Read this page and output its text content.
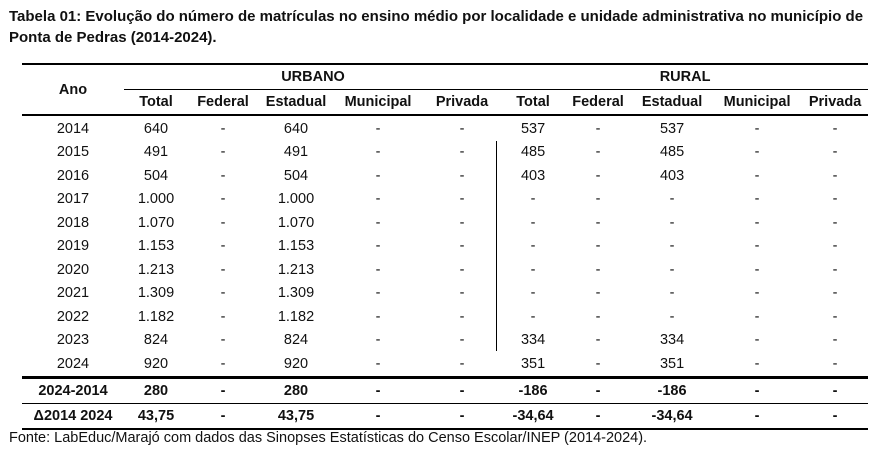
Tabela 01: Evolução do número de matrículas no ensino médio por localidade e unidade administrativa no município de Ponta de Pedras (2014-2024).
Ano	URBANO					RURAL				
	Total	Federal	Estadual	Municipal	Privada	Total	Federal	Estadual	Municipal	Privada
2014	640	-	640	-	-	537	-	537	-	-
2015	491	-	491	-	-	485	-	485	-	-
2016	504	-	504	-	-	403	-	403	-	-
2017	1.000	-	1.000	-	-	-	-	-	-	-
2018	1.070	-	1.070	-	-	-	-	-	-	-
2019	1.153	-	1.153	-	-	-	-	-	-	-
2020	1.213	-	1.213	-	-	-	-	-	-	-
2021	1.309	-	1.309	-	-	-	-	-	-	-
2022	1.182	-	1.182	-	-	-	-	-	-	-
2023	824	-	824	-	-	334	-	334	-	-
2024	920	-	920	-	-	351	-	351	-	-
2024-2014	280	-	280	-	-	-186	-	-186	-	-
Δ2014 2024	43,75	-	43,75	-	-	-34,64	-	-34,64	-	-
Fonte: LabEduc/Marajó com dados das Sinopses Estatísticas do Censo Escolar/INEP (2014-2024).
